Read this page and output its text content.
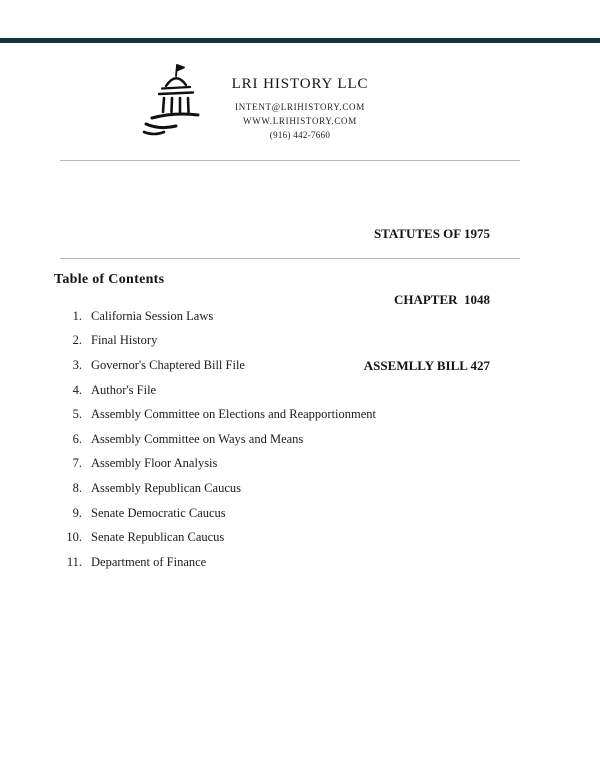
LRI HISTORY LLC
INTENT@LRIHISTORY.COM
WWW.LRIHISTORY.COM
(916) 442-7660

STATUTES OF 1975

CHAPTER  1048

ASSEMLLY BILL 427

Table of Contents
1. California Session Laws
2. Final History
3. Governor's Chaptered Bill File
4. Author's File
5. Assembly Committee on Elections and Reapportionment
6. Assembly Committee on Ways and Means
7. Assembly Floor Analysis
8. Assembly Republican Caucus
9. Senate Democratic Caucus
10. Senate Republican Caucus
11. Department of Finance
